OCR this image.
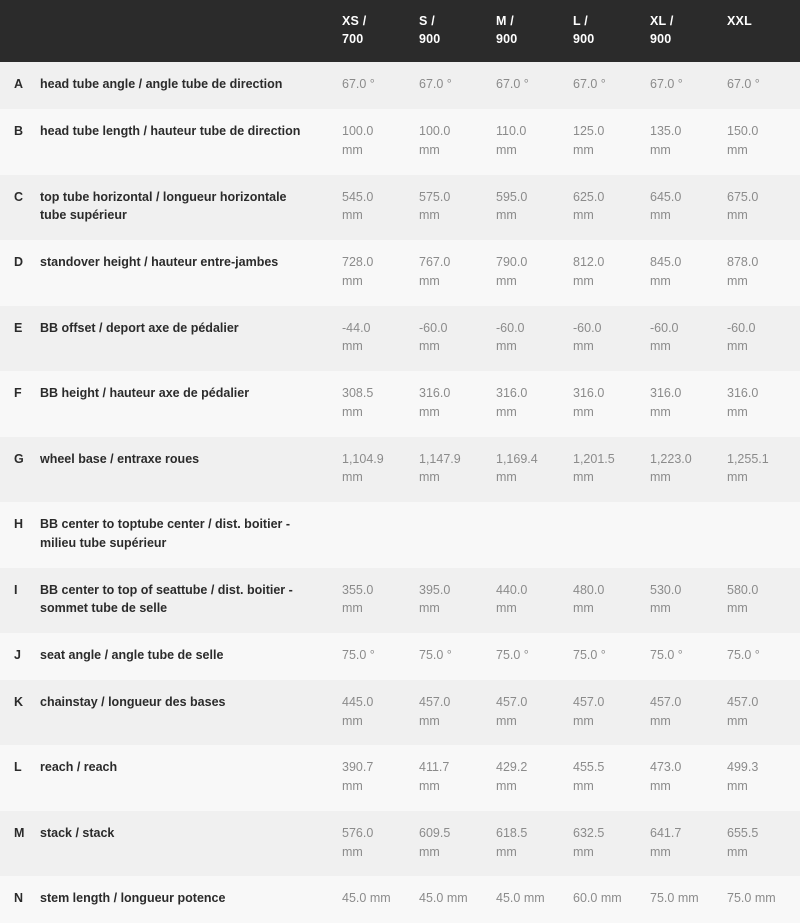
		XS /
700	S /
900	M /
900	L /
900	XL /
900	XXL

A	head tube angle / angle tube de direction	67.0 °	67.0 °	67.0 °	67.0 °	67.0 °	67.0 °

B	head tube length / hauteur tube de direction	100.0
mm	100.0
mm	110.0
mm	125.0
mm	135.0
mm	150.0
mm

C	top tube horizontal / longueur horizontale tube supérieur	545.0
mm	575.0
mm	595.0
mm	625.0
mm	645.0
mm	675.0
mm

D	standover height / hauteur entre-jambes	728.0
mm	767.0
mm	790.0
mm	812.0
mm	845.0
mm	878.0
mm

E	BB offset / deport axe de pédalier	-44.0
mm	-60.0
mm	-60.0
mm	-60.0
mm	-60.0
mm	-60.0
mm

F	BB height / hauteur axe de pédalier	308.5
mm	316.0
mm	316.0
mm	316.0
mm	316.0
mm	316.0
mm

G	wheel base / entraxe roues	1,104.9
mm	1,147.9
mm	1,169.4
mm	1,201.5
mm	1,223.0
mm	1,255.1
mm

H	BB center to toptube center / dist. boitier - milieu tube supérieur	

I	BB center to top of seattube / dist. boitier - sommet tube de selle	355.0
mm	395.0
mm	440.0
mm	480.0
mm	530.0
mm	580.0
mm

J	seat angle / angle tube de selle	75.0 °	75.0 °	75.0 °	75.0 °	75.0 °	75.0 °

K	chainstay / longueur des bases	445.0
mm	457.0
mm	457.0
mm	457.0
mm	457.0
mm	457.0
mm

L	reach / reach	390.7
mm	411.7
mm	429.2
mm	455.5
mm	473.0
mm	499.3
mm

M	stack / stack	576.0
mm	609.5
mm	618.5
mm	632.5
mm	641.7
mm	655.5
mm

N	stem length / longueur potence	45.0 mm	45.0 mm	45.0 mm	60.0 mm	75.0 mm	75.0 mm
